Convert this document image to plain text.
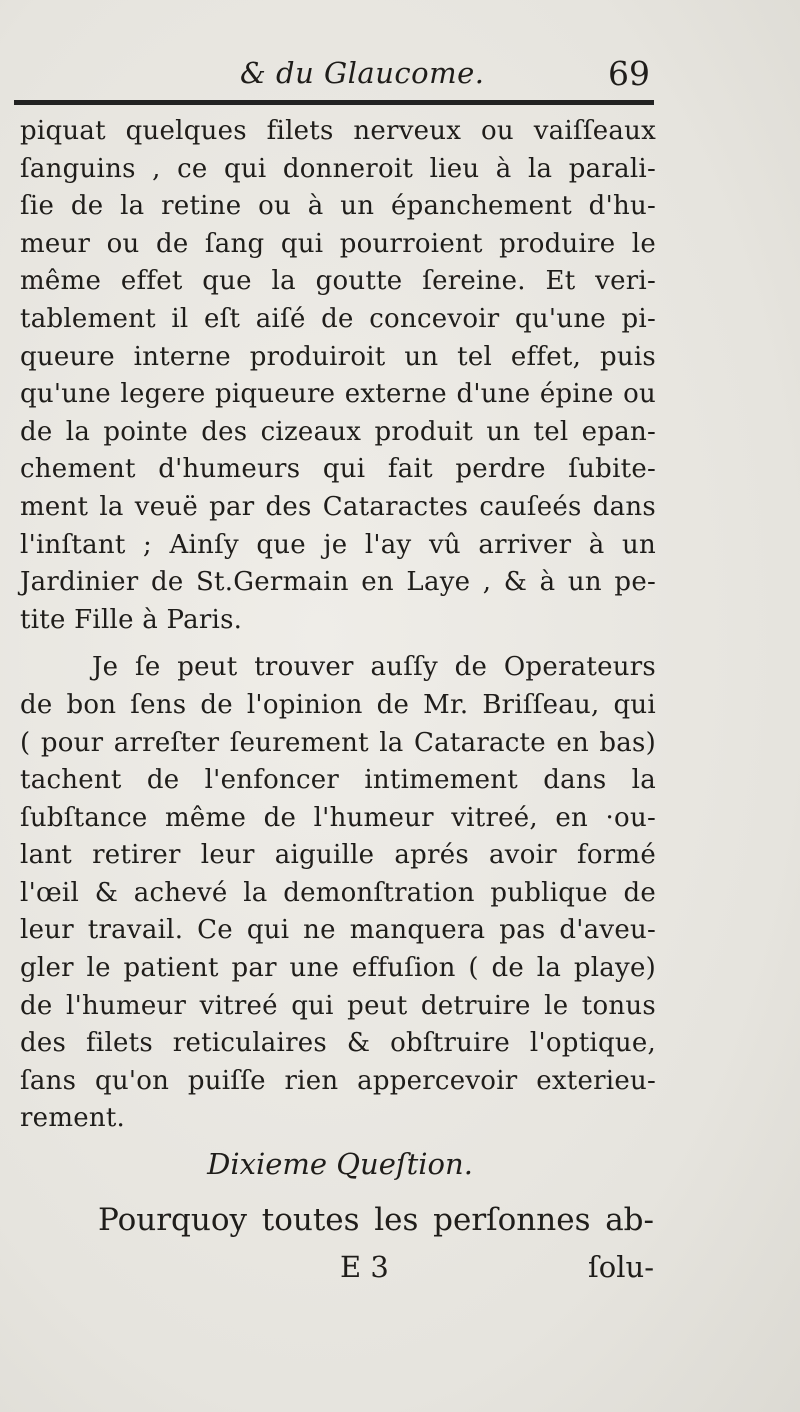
& du Glaucome.	69
piquat quelques filets nerveux ou vaiſſeaux
ſanguins , ce qui donneroit lieu à la parali-
ſie de la retine ou à un épanchement d'hu-
meur ou de ſang qui pourroient produire le
même effet que la goutte ſereine. Et veri-
tablement il eſt aiſé de concevoir qu'une pi-
queure interne produiroit un tel effet, puis
qu'une legere piqueure externe d'une épine ou
de la pointe des cizeaux produit un tel epan-
chement d'humeurs qui fait perdre ſubite-
ment la veuë par des Cataractes cauſeés dans
l'inſtant ; Ainſy que je l'ay vû arriver à un
Jardinier de St.Germain en Laye , & à un pe-
tite Fille à Paris.
Je ſe peut trouver auſſy de Operateurs
de bon ſens de l'opinion de Mr. Briſſeau, qui
( pour arreſter ſeurement la Cataracte en bas)
tachent de l'enfoncer intimement dans la
ſubſtance même de l'humeur vitreé, en ·ou-
lant retirer leur aiguille aprés avoir formé
l'œil & achevé la demonſtration publique de
leur travail. Ce qui ne manquera pas d'aveu-
gler le patient par une effuſion ( de la playe)
de l'humeur vitreé qui peut detruire le tonus
des filets reticulaires & obſtruire l'optique,
ſans qu'on puiſſe rien appercevoir exterieu-
rement.
Dixieme Queſtion.
Pourquoy toutes les perſonnes ab-
E 3	ſolu-
